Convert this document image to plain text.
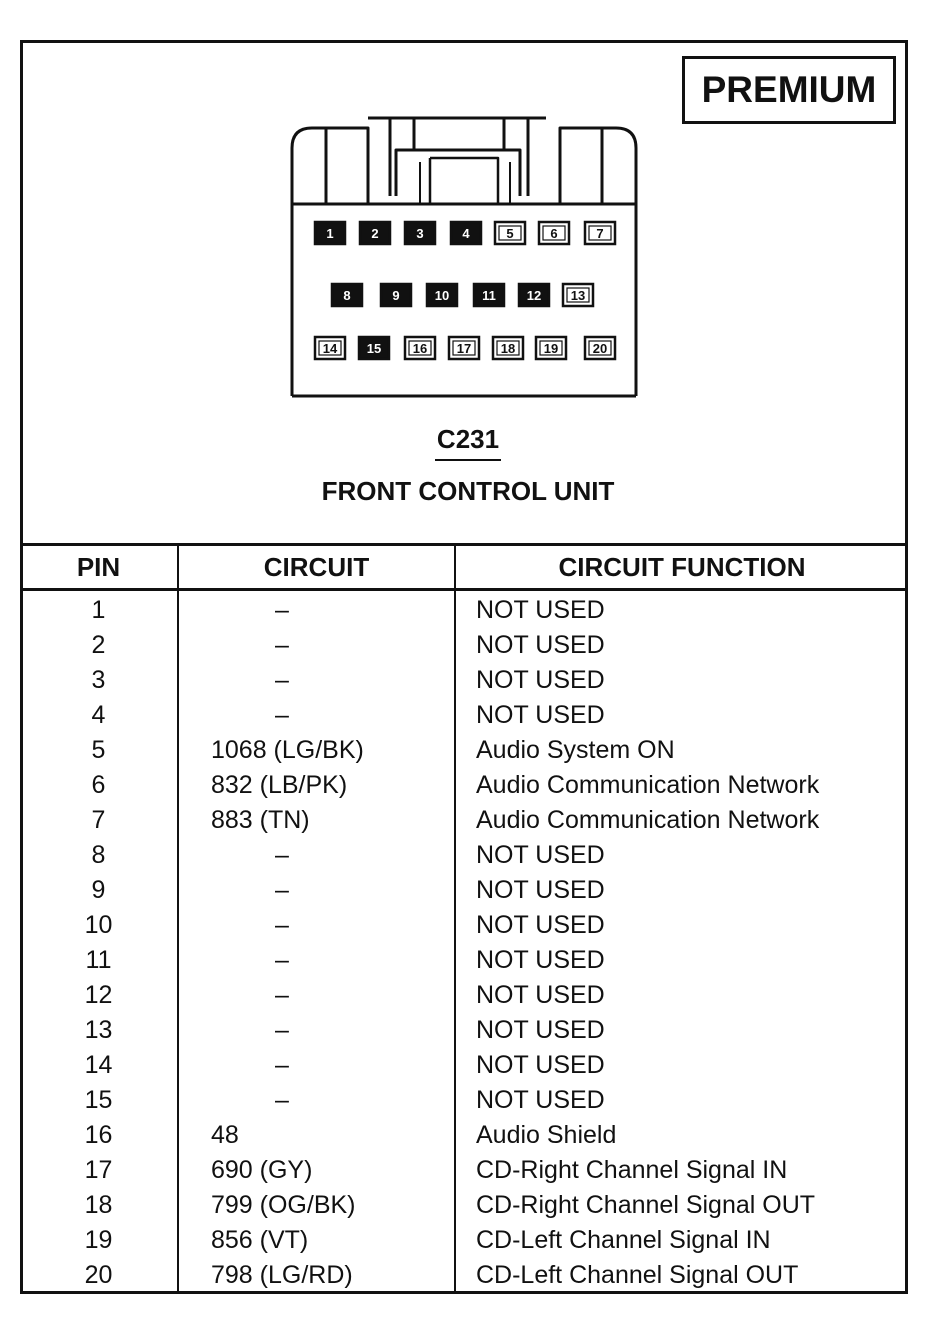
PREMIUM
1	2	3	4	5	6	7
8	9	10	11 12 13
14 15 16 17 18 19	20
C231
FRONT CONTROL UNIT
PIN	CIRCUIT	CIRCUIT FUNCTION
1	–	NOT USED
2	–	NOT USED
3	–	NOT USED
4	–	NOT USED
5	1068 (LG/BK)	Audio System ON
6	832 (LB/PK)	Audio Communication Network
7	883 (TN)	Audio Communication Network
8	–	NOT USED
9	–	NOT USED
10	–	NOT USED
11	–	NOT USED
12	–	NOT USED
13	–	NOT USED
14	–	NOT USED
15	–	NOT USED
16	48	Audio Shield
17	690 (GY)	CD-Right Channel Signal IN
18	799 (OG/BK)	CD-Right Channel Signal OUT
19	856 (VT)	CD-Left Channel Signal IN
20	798 (LG/RD)	CD-Left Channel Signal OUT
